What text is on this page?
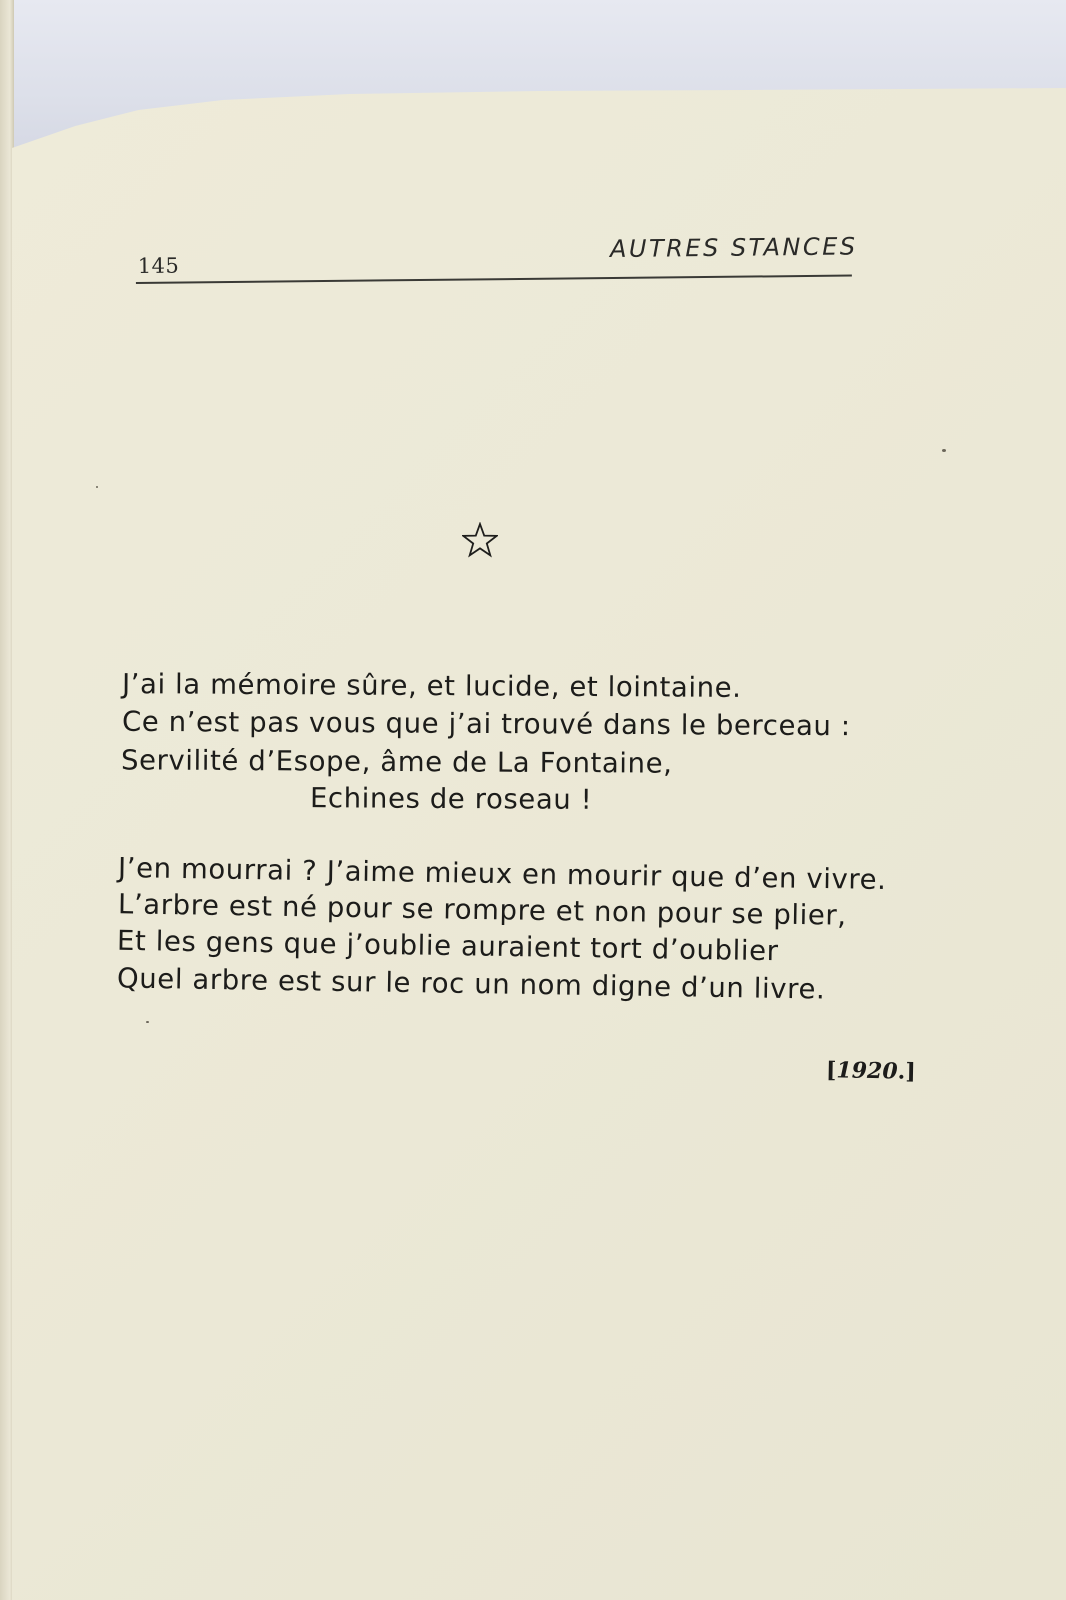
145
AUTRES STANCES
J’ai la mémoire sûre, et lucide, et lointaine.
Ce n’est pas vous que j’ai trouvé dans le berceau :
Servilité d’Esope, âme de La Fontaine,
Echines de roseau !
J’en mourrai ? J’aime mieux en mourir que d’en vivre.
L’arbre est né pour se rompre et non pour se plier,
Et les gens que j’oublie auraient tort d’oublier
Quel arbre est sur le roc un nom digne d’un livre.
[1920.]
